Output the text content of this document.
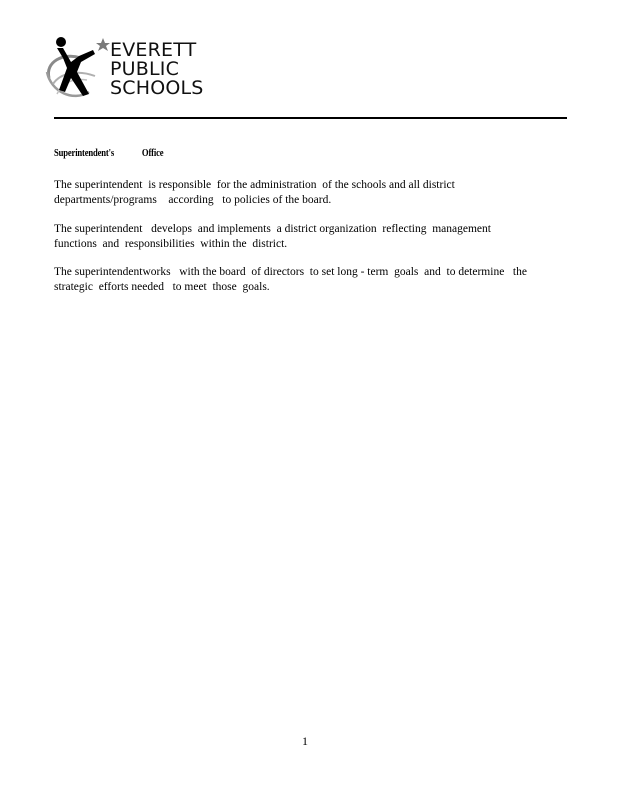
EVERETT
PUBLIC
SCHOOLS
Superintendent's	Office
The superintendent  is responsible  for the administration  of the schools and all district
departments/programs    according   to policies of the board.
The superintendent   develops  and implements  a district organization  reflecting  management
functions  and  responsibilities  within the  district.
The superintendentworks   with the board  of directors  to set long - term  goals  and  to determine   the
strategic  efforts needed   to meet  those  goals.
1
